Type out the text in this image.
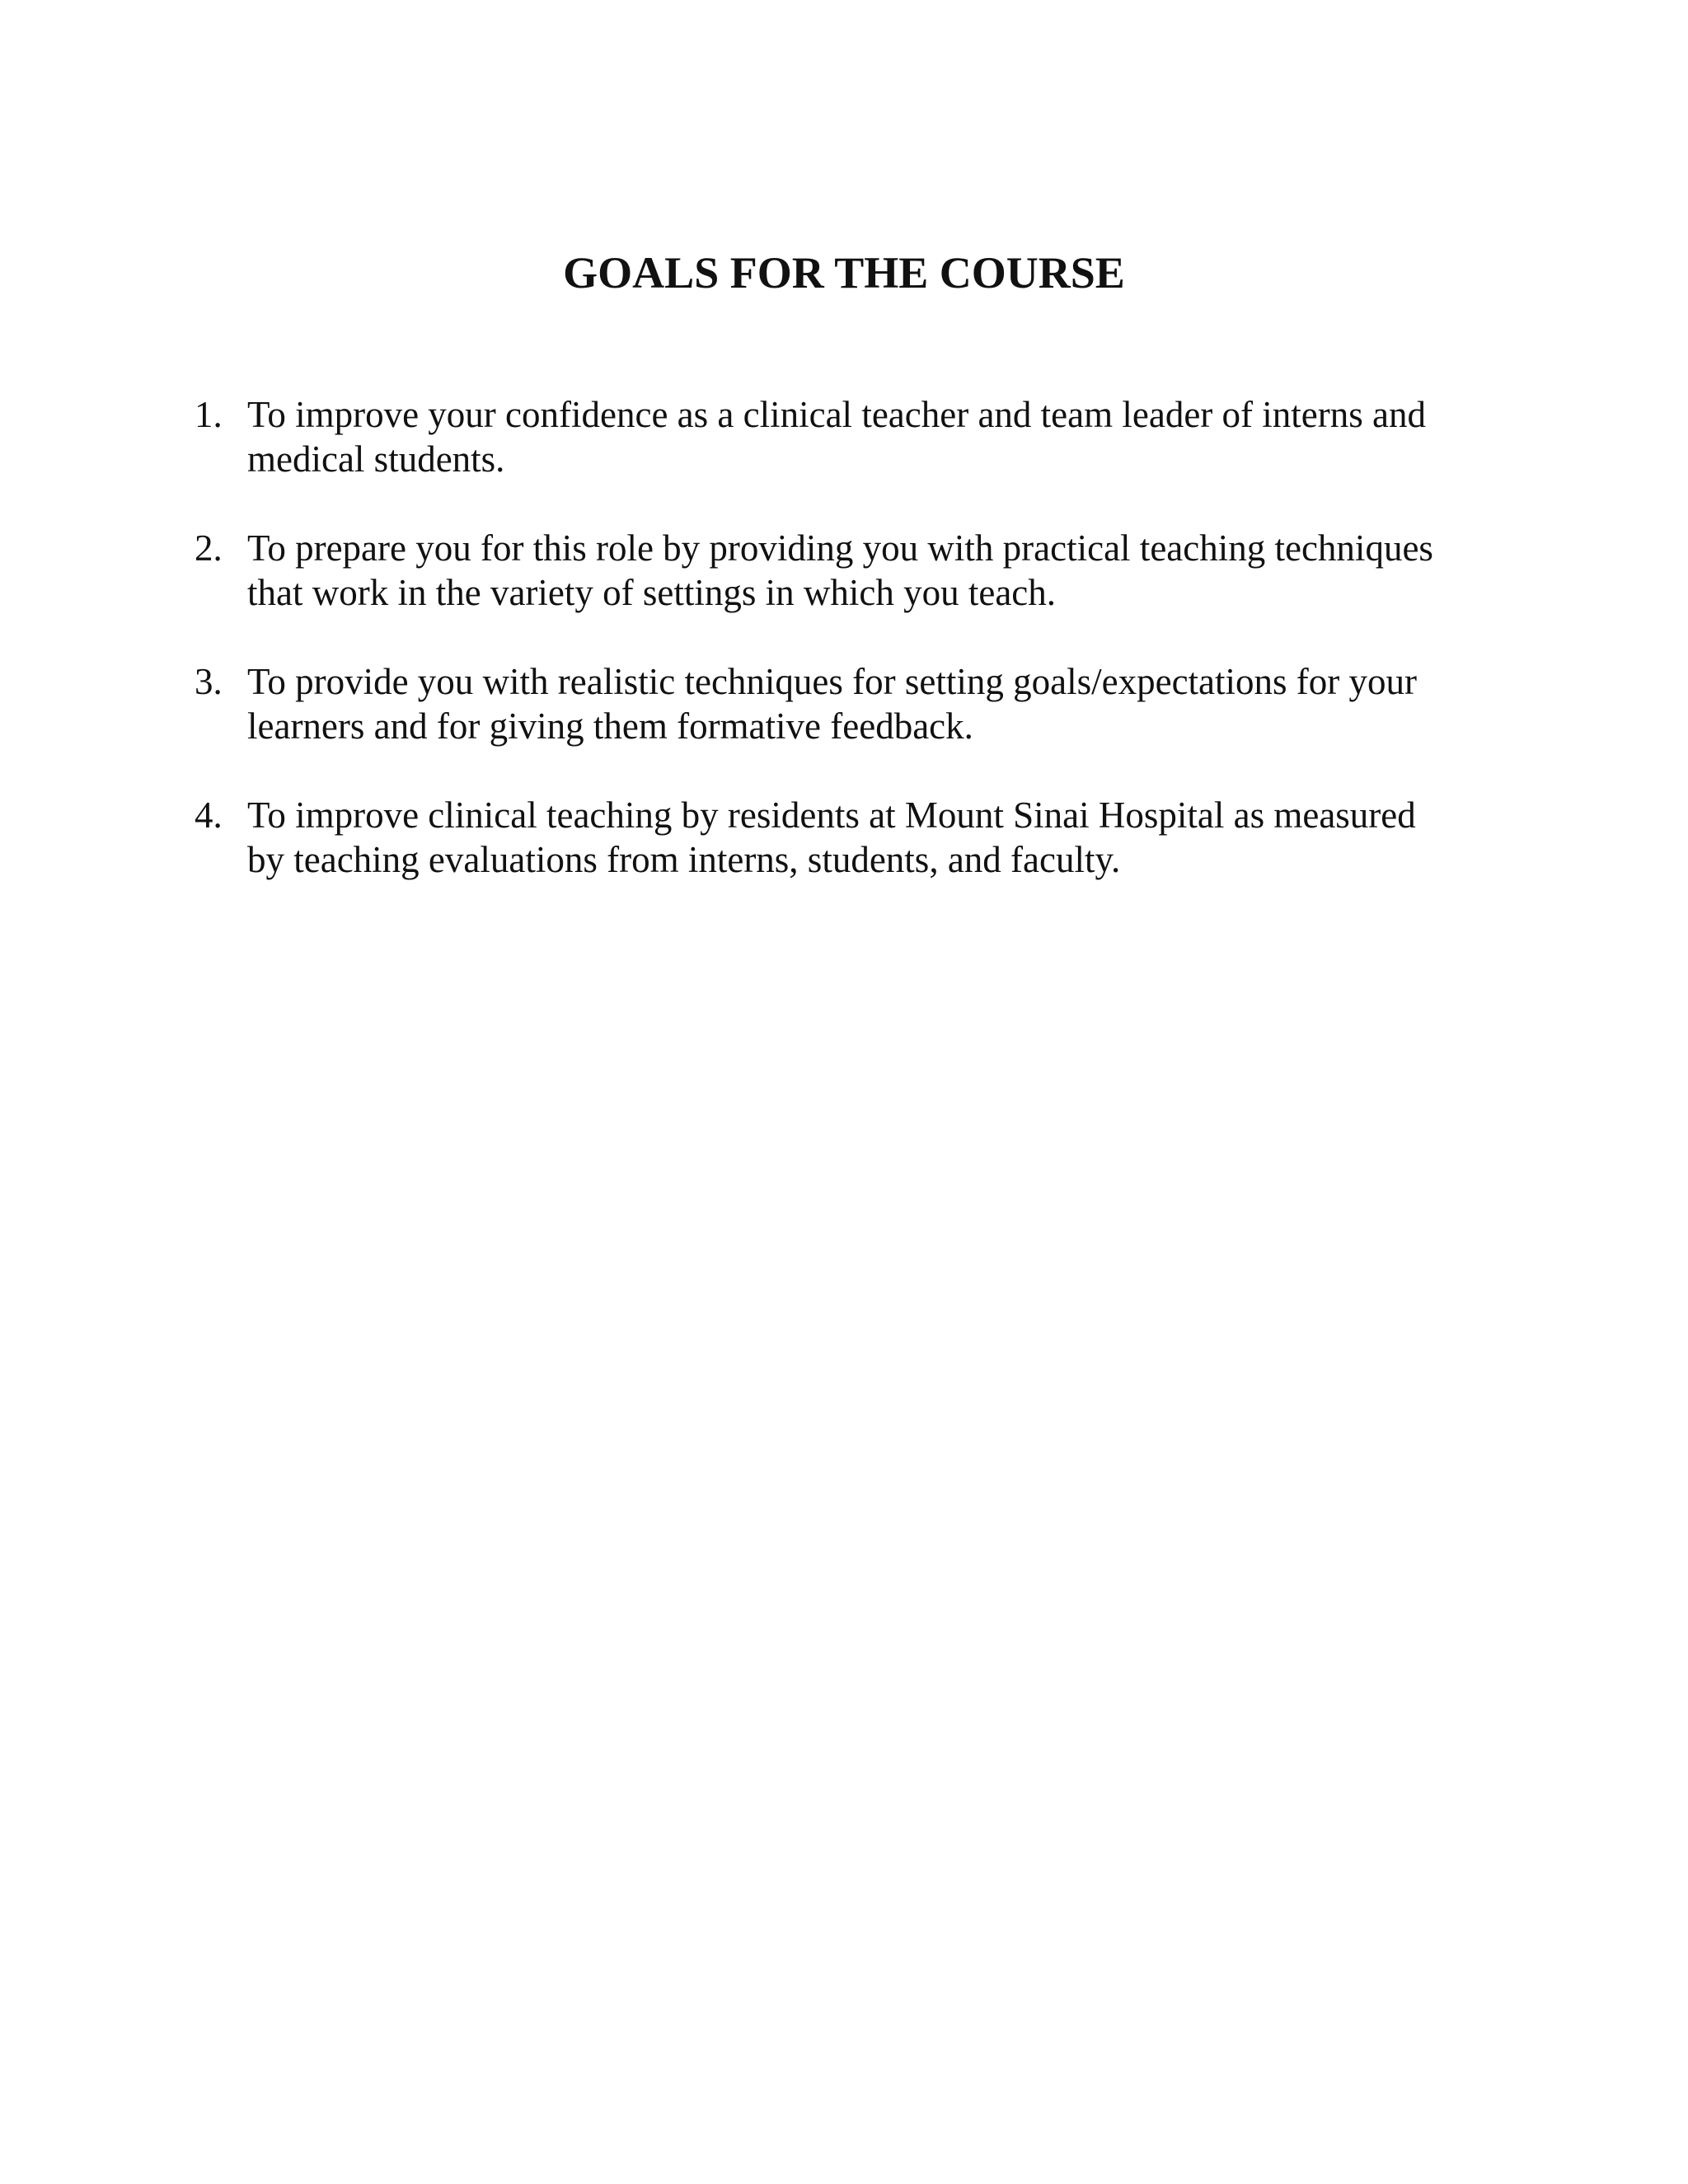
GOALS FOR THE COURSE
1. To improve your confidence as a clinical teacher and team leader of interns and
medical students.
2. To prepare you for this role by providing you with practical teaching techniques
that work in the variety of settings in which you teach.
3. To provide you with realistic techniques for setting goals/expectations for your
learners and for giving them formative feedback.
4. To improve clinical teaching by residents at Mount Sinai Hospital as measured
by teaching evaluations from interns, students, and faculty.
